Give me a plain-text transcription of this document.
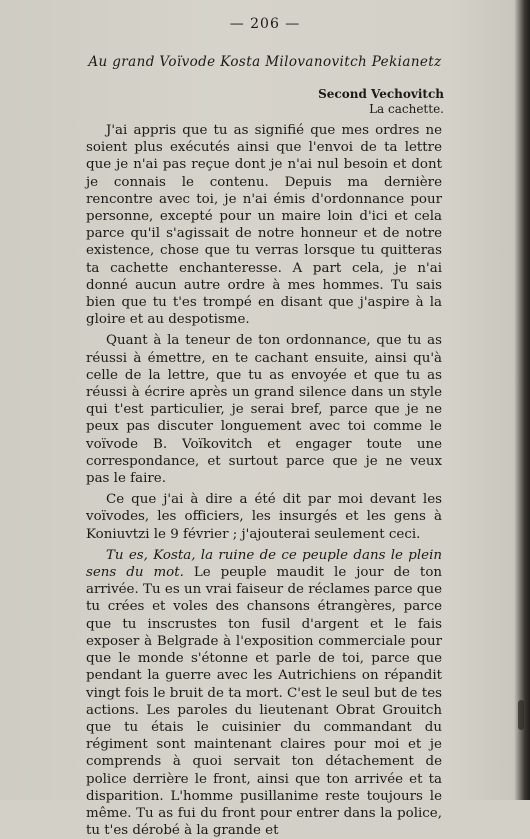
— 206 —
Au grand Voïvode Kosta Milovanovitch Pekianetz
Second Vechovitch
La cachette.

J'ai appris que tu as signifié que mes ordres ne soient plus exécutés ainsi que l'envoi de ta lettre que je n'ai pas reçue dont je n'ai nul besoin et dont je connais le contenu. Depuis ma dernière rencontre avec toi, je n'ai émis d'ordonnance pour personne, excepté pour un maire loin d'ici et cela parce qu'il s'agissait de notre honneur et de notre existence, chose que tu verras lorsque tu quitteras ta cachette enchanteresse. A part cela, je n'ai donné aucun autre ordre à mes hommes. Tu sais bien que tu t'es trompé en disant que j'aspire à la gloire et au despotisme.

Quant à la teneur de ton ordonnance, que tu as réussi à émettre, en te cachant ensuite, ainsi qu'à celle de la lettre, que tu as envoyée et que tu as réussi à écrire après un grand silence dans un style qui t'est particulier, je serai bref, parce que je ne peux pas discuter longuement avec toi comme le voïvode B. Voïkovitch et engager toute une correspondance, et surtout parce que je ne veux pas le faire.

Ce que j'ai à dire a été dit par moi devant les voïvodes, les officiers, les insurgés et les gens à Koniuvtzi le 9 février ; j'ajouterai seulement ceci.

Tu es, Kosta, la ruine de ce peuple dans le plein sens du mot. Le peuple maudit le jour de ton arrivée. Tu es un vrai faiseur de réclames parce que tu crées et voles des chansons étrangères, parce que tu inscrustes ton fusil d'argent et le fais exposer à Belgrade à l'exposition commerciale pour que le monde s'étonne et parle de toi, parce que pendant la guerre avec les Autrichiens on répandit vingt fois le bruit de ta mort. C'est le seul but de tes actions. Les paroles du lieutenant Obrat Grouitch que tu étais le cuisinier du commandant du régiment sont maintenant claires pour moi et je comprends à quoi servait ton détachement de police derrière le front, ainsi que ton arrivée et ta disparition. L'homme pusillanime reste toujours le même. Tu as fui du front pour entrer dans la police, tu t'es dérobé à la grande et
